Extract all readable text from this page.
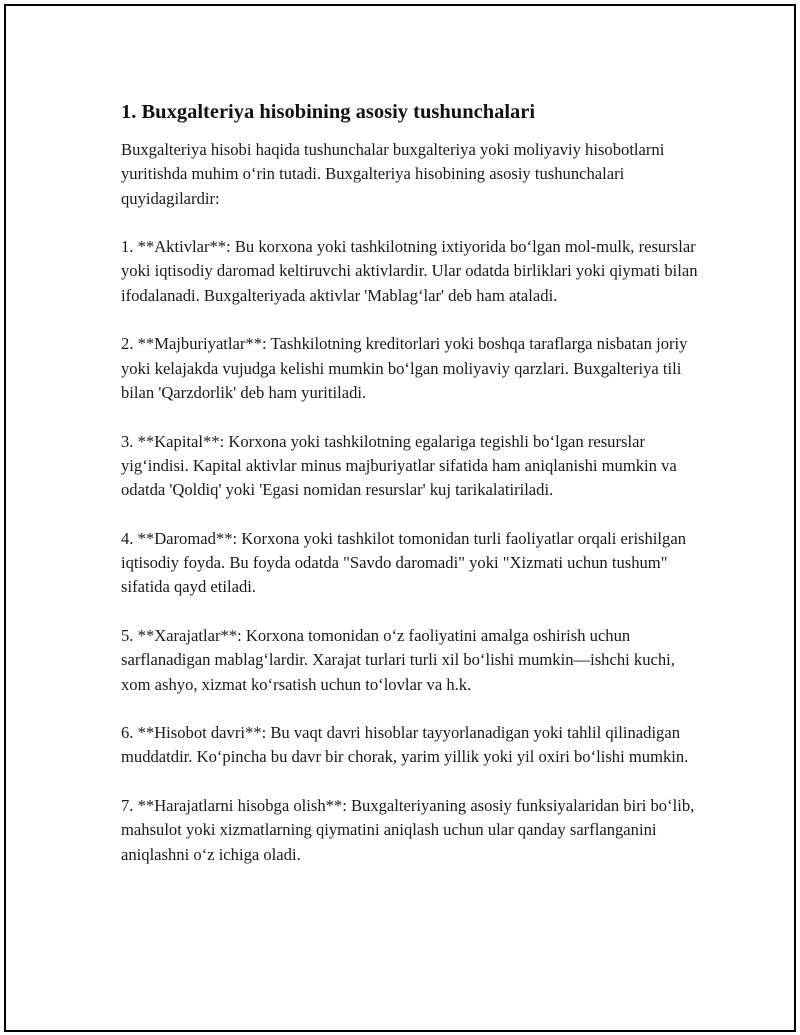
1. Buxgalteriya hisobining asosiy tushunchalari

Buxgalteriya hisobi haqida tushunchalar buxgalteriya yoki moliyaviy hisobotlarni yuritishda muhim oʻrin tutadi. Buxgalteriya hisobining asosiy tushunchalari quyidagilardir:

1. **Aktivlar**: Bu korxona yoki tashkilotning ixtiyorida boʻlgan mol-mulk, resurslar yoki iqtisodiy daromad keltiruvchi aktivlardir. Ular odatda birliklari yoki qiymati bilan ifodalanadi. Buxgalteriyada aktivlar 'Mablagʻlar' deb ham ataladi.

2. **Majburiyatlar**: Tashkilotning kreditorlari yoki boshqa taraflarga nisbatan joriy yoki kelajakda vujudga kelishi mumkin boʻlgan moliyaviy qarzlari. Buxgalteriya tili bilan 'Qarzdorlik' deb ham yuritiladi.

3. **Kapital**: Korxona yoki tashkilotning egalariga tegishli boʻlgan resurslar yigʻindisi. Kapital aktivlar minus majburiyatlar sifatida ham aniqlanishi mumkin va odatda 'Qoldiq' yoki 'Egasi nomidan resurslar' kuj tarikalatiriladi.

4. **Daromad**: Korxona yoki tashkilot tomonidan turli faoliyatlar orqali erishilgan iqtisodiy foyda. Bu foyda odatda "Savdo daromadi" yoki "Xizmati uchun tushum" sifatida qayd etiladi.

5. **Xarajatlar**: Korxona tomonidan oʻz faoliyatini amalga oshirish uchun sarflanadigan mablagʻlardir. Xarajat turlari turli xil boʻlishi mumkin—ishchi kuchi, xom ashyo, xizmat koʻrsatish uchun toʻlovlar va h.k.

6. **Hisobot davri**: Bu vaqt davri hisoblar tayyorlanadigan yoki tahlil qilinadigan muddatdir. Koʻpincha bu davr bir chorak, yarim yillik yoki yil oxiri boʻlishi mumkin.

7. **Harajatlarni hisobga olish**: Buxgalteriyaning asosiy funksiyalaridan biri boʻlib, mahsulot yoki xizmatlarning qiymatini aniqlash uchun ular qanday sarflanganini aniqlashni oʻz ichiga oladi.
